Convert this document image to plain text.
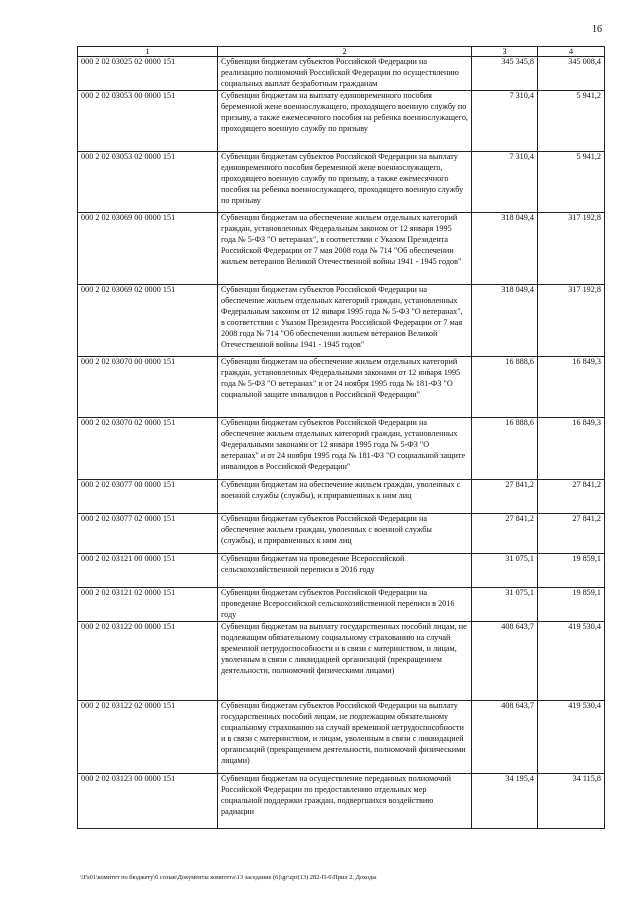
16
1	2	3	4
000 2 02 03025 02 0000 151	Субвенции бюджетам субъектов Российской Федерации на реализацию полномочий Российской Федерации по осуществлению социальных выплат безработным гражданам	345 345,8	345 008,4
000 2 02 03053 00 0000 151	Субвенции бюджетам на выплату единовременного пособия беременной жене военнослужащего, проходящего военную службу по призыву, а также ежемесячного пособия на ребенка военнослужащего, проходящего военную службу по призыву	7 310,4	5 941,2
000 2 02 03053 02 0000 151	Субвенции бюджетам субъектов Российской Федерации на выплату единовременного пособия беременной жене военнослужащего, проходящего военную службу по призыву, а также ежемесячного пособия на ребенка военнослужащего, проходящего военную службу по призыву	7 310,4	5 941,2
000 2 02 03069 00 0000 151	Субвенции бюджетам на обеспечение жильем отдельных категорий граждан, установленных Федеральным законом от 12 января 1995 года № 5-ФЗ "О ветеранах", в соответствии с Указом Президента Российской Федерации от 7 мая 2008 года № 714 "Об обеспечении жильем ветеранов Великой Отечественной войны 1941 - 1945 годов"	318 049,4	317 192,8
000 2 02 03069 02 0000 151	Субвенции бюджетам субъектов Российской Федерации на обеспечение жильем отдельных категорий граждан, установленных Федеральным законом от 12 января 1995 года № 5-ФЗ "О ветеранах", в соответствии с Указом Президента Российской Федерации от 7 мая 2008 года № 714 "Об обеспечении жильем ветеранов Великой Отечественной войны 1941 - 1945 годов"	318 049,4	317 192,8
000 2 02 03070 00 0000 151	Субвенции бюджетам на обеспечение жильем отдельных категорий граждан, установленных Федеральными законами от 12 января 1995 года № 5-ФЗ "О ветеранах" и от 24 ноября 1995 года № 181-ФЗ "О социальной защите инвалидов в Российской Федерации"	16 888,6	16 849,3
000 2 02 03070 02 0000 151	Субвенции бюджетам субъектов Российской Федерации на обеспечение жильем отдельных категорий граждан, установленных Федеральными законами от 12 января 1995 года № 5-ФЗ "О ветеранах" и от 24 ноября 1995 года № 181-ФЗ "О социальной защите инвалидов в Российской Федерации"	16 888,6	16 849,3
000 2 02 03077 00 0000 151	Субвенции бюджетам на обеспечение жильем граждан, уволенных с военной службы (службы), и приравненных к ним лиц	27 841,2	27 841,2
000 2 02 03077 02 0000 151	Субвенции бюджетам субъектов Российской Федерации на обеспечение жильем граждан, уволенных с военной службы (службы), и приравненных к ним лиц	27 841,2	27 841,2
000 2 02 03121 00 0000 151	Субвенции бюджетам на проведение Всероссийской сельскохозяйственной переписи в 2016 году	31 075,1	19 859,1
000 2 02 03121 02 0000 151	Субвенции бюджетам субъектов Российской Федерации на проведение Всероссийской сельскохозяйственной переписи в 2016 году	31 075,1	19 859,1
000 2 02 03122 00 0000 151	Субвенции бюджетам на выплату государственных пособий лицам, не подлежащим обязательному социальному страхованию на случай временной нетрудоспособности и в связи с материнством, и лицам, уволенным в связи с ликвидацией организаций (прекращением деятельности, полномочий физическими лицами)	408 643,7	419 530,4
000 2 02 03122 02 0000 151	Субвенции бюджетам субъектов Российской Федерации на выплату государственных пособий лицам, не подлежащим обязательному социальному страхованию на случай временной нетрудоспособности и в связи с материнством, и лицам, уволенным в связи с ликвидацией организаций (прекращением деятельности, полномочий физическими лицами)	408 643,7	419 530,4
000 2 02 03123 00 0000 151	Субвенции бюджетам на осуществление переданных полномочий Российской Федерации по предоставлению отдельных мер социальной поддержки граждан, подвергшихся воздействию радиации	34 195,4	34 115,8
\\Fs01\комитет по бюджету\6 созыв\Документы комитета\13 заседание (6)\gr\zpr(13) 282-П-6\Прил 2. Доходы
